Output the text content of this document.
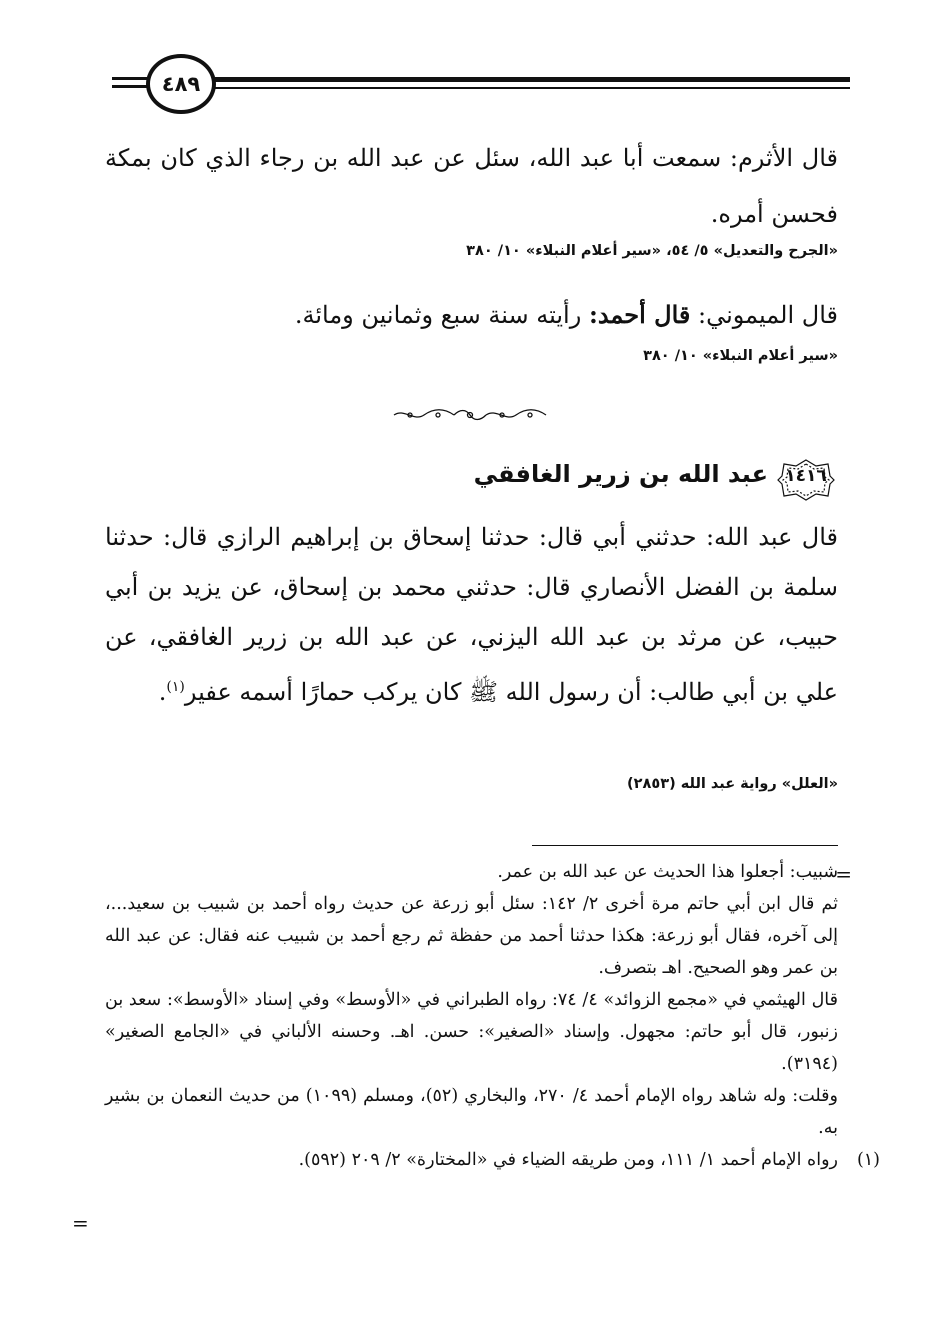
٤٨٩
قال الأثرم: سمعت أبا عبد الله، سئل عن عبد الله بن رجاء الذي كان بمكة فحسن أمره.
«الجرح والتعديل» ٥/ ٥٤، «سير أعلام النبلاء» ١٠/ ٣٨٠
قال الميموني: قال أحمد: رأيته سنة سبع وثمانين ومائة.
«سير أعلام النبلاء» ١٠/ ٣٨٠
١٤١٦
عبد الله بن زرير الغافقي
قال عبد الله: حدثني أبي قال: حدثنا إسحاق بن إبراهيم الرازي قال: حدثنا سلمة بن الفضل الأنصاري قال: حدثني محمد بن إسحاق، عن يزيد بن أبي حبيب، عن مرثد بن عبد الله اليزني، عن عبد الله بن زرير الغافقي، عن علي بن أبي طالب: أن رسول الله ﷺ كان يركب حمارًا أسمه عفير$^{(١)}$.
«العلل» رواية عبد الله (٢٨٥٣)
=
شبيب: أجعلوا هذا الحديث عن عبد الله بن عمر.
ثم قال ابن أبي حاتم مرة أخرى ٢/ ١٤٢: سئل أبو زرعة عن حديث رواه أحمد بن شبيب بن سعيد...، إلى آخره، فقال أبو زرعة: هكذا حدثنا أحمد من حفظة ثم رجع أحمد بن شبيب عنه فقال: عن عبد الله بن عمر وهو الصحيح. اهـ بتصرف.
قال الهيثمي في «مجمع الزوائد» ٤/ ٧٤: رواه الطبراني في «الأوسط» وفي إسناد «الأوسط»: سعد بن زنبور، قال أبو حاتم: مجهول. وإسناد «الصغير»: حسن. اهـ. وحسنه الألباني في «الجامع الصغير» (٣١٩٤).
وقلت: وله شاهد رواه الإمام أحمد ٤/ ٢٧٠، والبخاري (٥٢)، ومسلم (١٠٩٩) من حديث النعمان بن بشير به.
(١)
رواه الإمام أحمد ١/ ١١١، ومن طريقه الضياء في «المختارة» ٢/ ٢٠٩ (٥٩٢).
=
